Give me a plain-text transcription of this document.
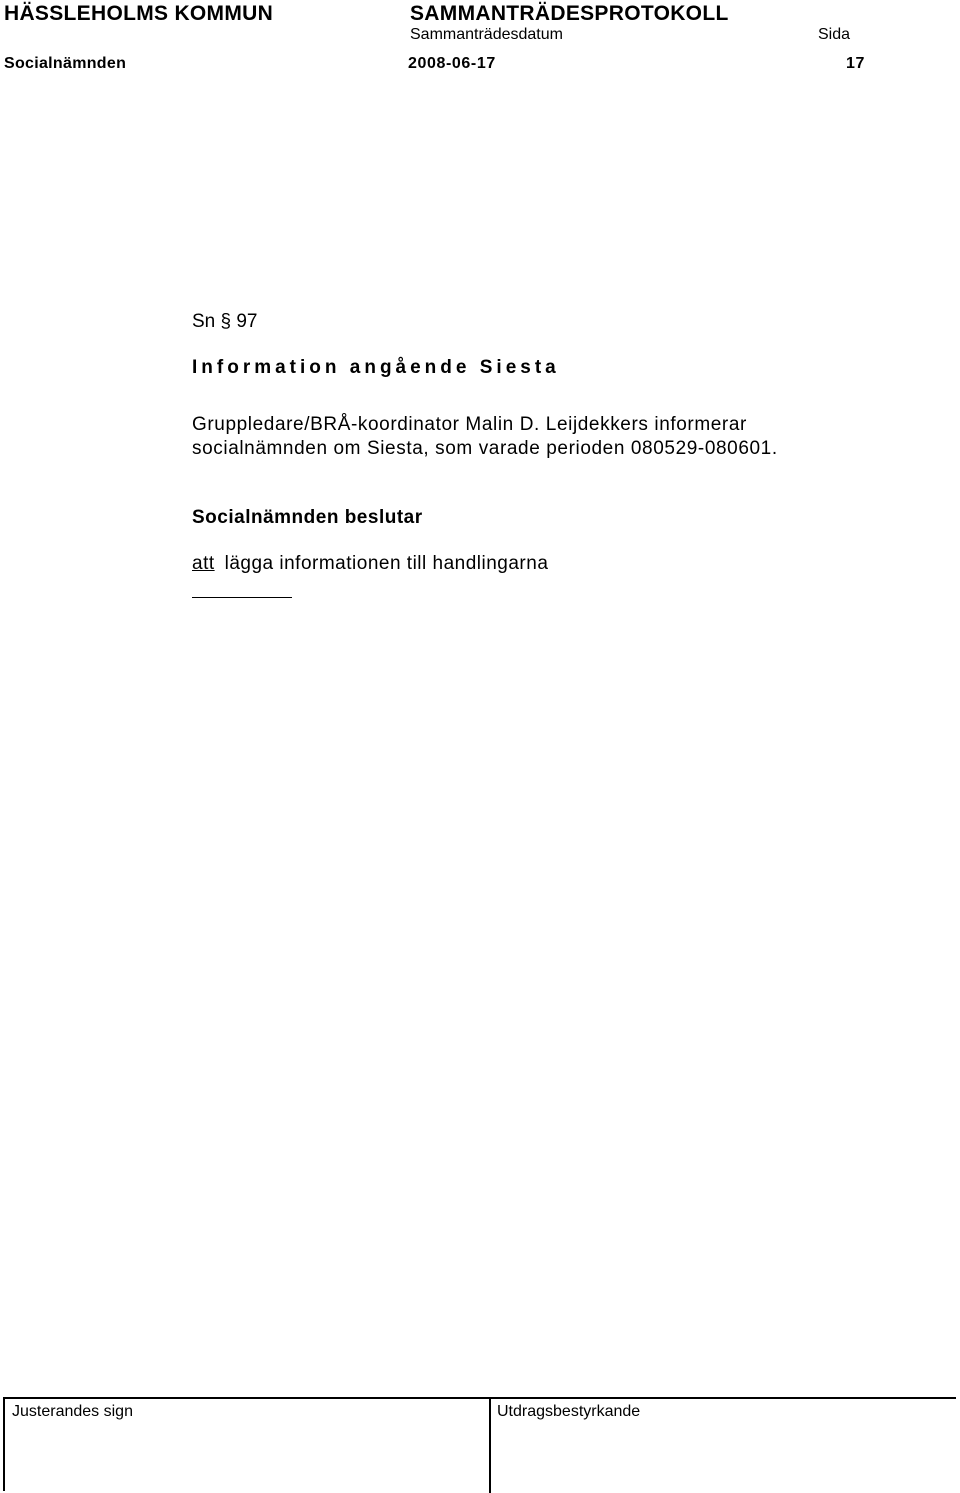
HÄSSLEHOLMS KOMMUN	SAMMANTRÄDESPROTOKOLL
Sammanträdesdatum	Sida
Socialnämnden	2008-06-17	17
Sn § 97
Information angående Siesta
Gruppledare/BRÅ-koordinator Malin D. Leijdekkers informerar
socialnämnden om Siesta, som varade perioden 080529-080601.
Socialnämnden beslutar
att lägga informationen till handlingarna
Justerandes sign	Utdragsbestyrkande
